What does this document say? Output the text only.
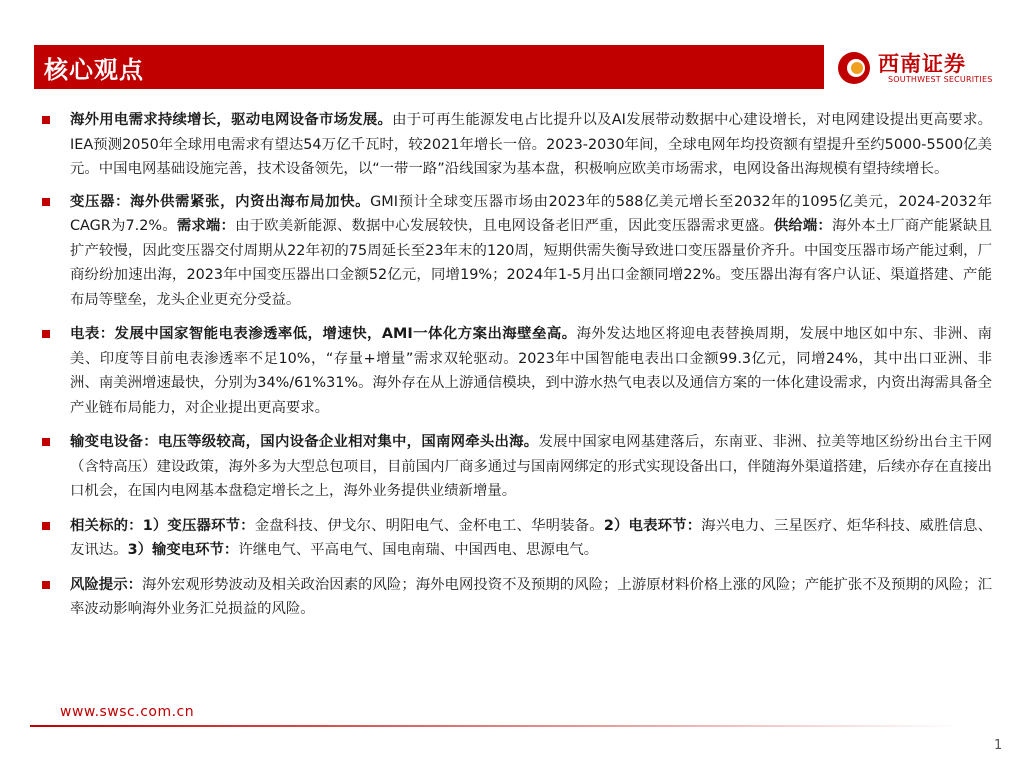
核心观点	西南证券
SOUTHWEST SECURITIES

海外用电需求持续增长，驱动电网设备市场发展。由于可再生能源发电占比提升以及AI发展带动数据中心建设增长，对电网建设提出更高要求。IEA预测2050年全球用电需求有望达54万亿千瓦时，较2021年增长一倍。2023-2030年间，全球电网年均投资额有望提升至约5000-5500亿美元。中国电网基础设施完善，技术设备领先，以“一带一路”沿线国家为基本盘，积极响应欧美市场需求，电网设备出海规模有望持续增长。

变压器：海外供需紧张，内资出海布局加快。GMI预计全球变压器市场由2023年的588亿美元增长至2032年的1095亿美元，2024-2032年CAGR为7.2%。需求端：由于欧美新能源、数据中心发展较快，且电网设备老旧严重，因此变压器需求更盛。供给端：海外本土厂商产能紧缺且扩产较慢，因此变压器交付周期从22年初的75周延长至23年末的120周，短期供需失衡导致进口变压器量价齐升。中国变压器市场产能过剩，厂商纷纷加速出海，2023年中国变压器出口金额52亿元，同增19%；2024年1-5月出口金额同增22%。变压器出海有客户认证、渠道搭建、产能布局等壁垒，龙头企业更充分受益。

电表：发展中国家智能电表渗透率低，增速快，AMI一体化方案出海壁垒高。海外发达地区将迎电表替换周期，发展中地区如中东、非洲、南美、印度等目前电表渗透率不足10%，“存量+增量”需求双轮驱动。2023年中国智能电表出口金额99.3亿元，同增24%，其中出口亚洲、非洲、南美洲增速最快，分别为34%/61%31%。海外存在从上游通信模块，到中游水热气电表以及通信方案的一体化建设需求，内资出海需具备全产业链布局能力，对企业提出更高要求。

输变电设备：电压等级较高，国内设备企业相对集中，国南网牵头出海。发展中国家电网基建落后，东南亚、非洲、拉美等地区纷纷出台主干网（含特高压）建设政策，海外多为大型总包项目，目前国内厂商多通过与国南网绑定的形式实现设备出口，伴随海外渠道搭建，后续亦存在直接出口机会，在国内电网基本盘稳定增长之上，海外业务提供业绩新增量。

相关标的：1）变压器环节：金盘科技、伊戈尔、明阳电气、金杯电工、华明装备。2）电表环节：海兴电力、三星医疗、炬华科技、威胜信息、友讯达。3）输变电环节：许继电气、平高电气、国电南瑞、中国西电、思源电气。

风险提示：海外宏观形势波动及相关政治因素的风险；海外电网投资不及预期的风险；上游原材料价格上涨的风险；产能扩张不及预期的风险；汇率波动影响海外业务汇兑损益的风险。

www.swsc.com.cn
1
